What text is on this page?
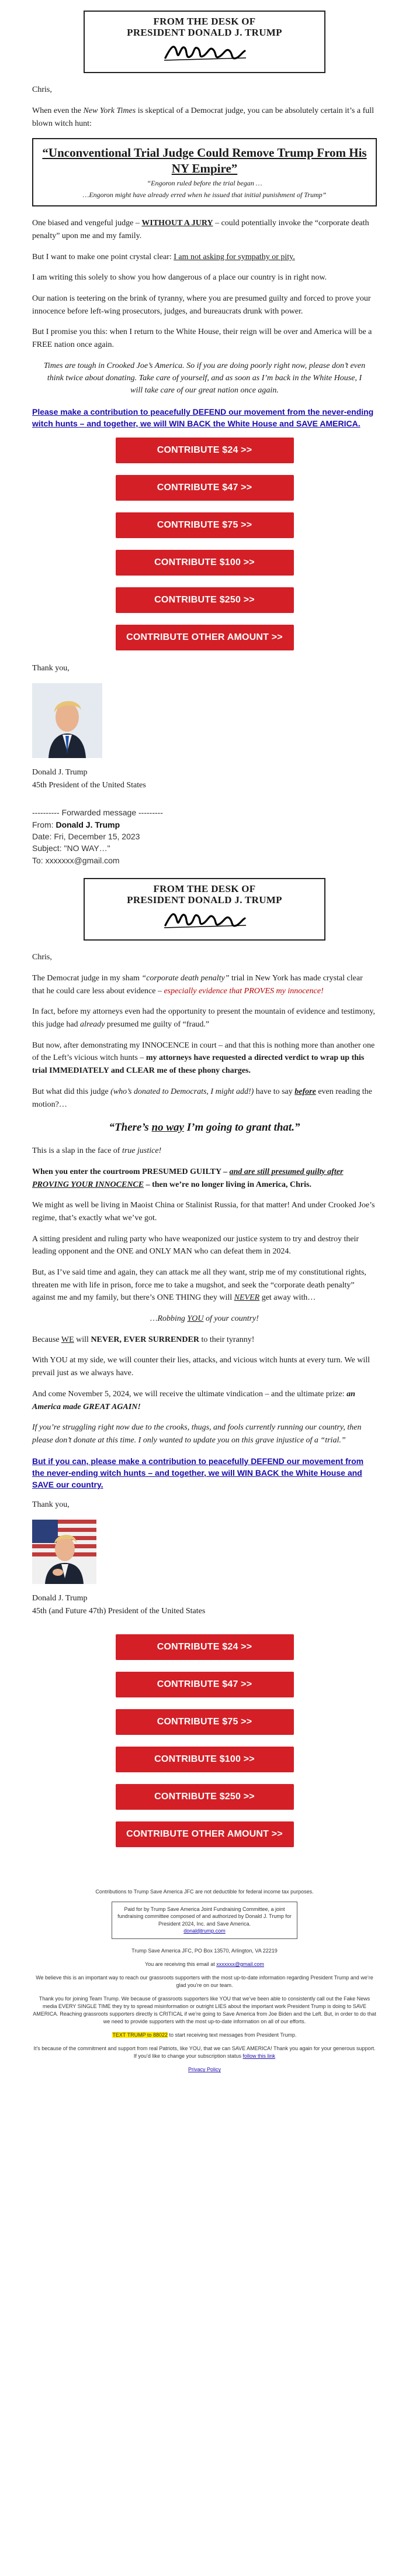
FROM THE DESK OF
PRESIDENT DONALD J. TRUMP

Chris,

When even the New York Times is skeptical of a Democrat judge, you can be absolutely certain it’s a full blown witch hunt:

“Unconventional Trial Judge Could Remove Trump From His NY Empire”
“Engoron ruled before the trial began …
…Engoron might have already erred when he issued that initial punishment of Trump”

One biased and vengeful judge – WITHOUT A JURY – could potentially invoke the “corporate death penalty” upon me and my family.

But I want to make one point crystal clear: I am not asking for sympathy or pity.

I am writing this solely to show you how dangerous of a place our country is in right now.

Our nation is teetering on the brink of tyranny, where you are presumed guilty and forced to prove your innocence before left-wing prosecutors, judges, and bureaucrats drunk with power.

But I promise you this: when I return to the White House, their reign will be over and America will be a FREE nation once again.

Times are tough in Crooked Joe’s America. So if you are doing poorly right now, please don’t even think twice about donating. Take care of yourself, and as soon as I’m back in the White House, I will take care of our great nation once again.
Please make a contribution to peacefully DEFEND our movement from the never-ending witch hunts – and together, we will WIN BACK the White House and SAVE AMERICA.
CONTRIBUTE $24 >>
CONTRIBUTE $47 >>
CONTRIBUTE $75 >>
CONTRIBUTE $100 >>
CONTRIBUTE $250 >>
CONTRIBUTE OTHER AMOUNT >>

Thank you,

Donald J. Trump

45th President of the United States

---------- Forwarded message ---------
From: Donald J. Trump
Date: Fri, December 15, 2023
Subject: "NO WAY…"
To: xxxxxxx@gmail.com
FROM THE DESK OF
PRESIDENT DONALD J. TRUMP

Chris,

The Democrat judge in my sham “corporate death penalty” trial in New York has made crystal clear that he could care less about evidence – especially evidence that PROVES my innocence!

In fact, before my attorneys even had the opportunity to present the mountain of evidence and testimony, this judge had already presumed me guilty of “fraud.”

But now, after demonstrating my INNOCENCE in court – and that this is nothing more than another one of the Left’s vicious witch hunts – my attorneys have requested a directed verdict to wrap up this trial IMMEDIATELY and CLEAR me of these phony charges.

But what did this judge (who’s donated to Democrats, I might add!) have to say before even reading the motion?…

“There’s no way I’m going to grant that.”

This is a slap in the face of true justice!

When you enter the courtroom PRESUMED GUILTY – and are still presumed guilty after PROVING YOUR INNOCENCE – then we’re no longer living in America, Chris.

We might as well be living in Maoist China or Stalinist Russia, for that matter! And under Crooked Joe’s regime, that’s exactly what we’ve got.

A sitting president and ruling party who have weaponized our justice system to try and destroy their leading opponent and the ONE and ONLY MAN who can defeat them in 2024.

But, as I’ve said time and again, they can attack me all they want, strip me of my constitutional rights, threaten me with life in prison, force me to take a mugshot, and seek the “corporate death penalty” against me and my family, but there’s ONE THING they will NEVER get away with…

…Robbing YOU of your country!

Because WE will NEVER, EVER SURRENDER to their tyranny!

With YOU at my side, we will counter their lies, attacks, and vicious witch hunts at every turn. We will prevail just as we always have.

And come November 5, 2024, we will receive the ultimate vindication – and the ultimate prize: an America made GREAT AGAIN!

If you’re struggling right now due to the crooks, thugs, and fools currently running our country, then please don’t donate at this time. I only wanted to update you on this grave injustice of a “trial.”

But if you can, please make a contribution to peacefully DEFEND our movement from the never-ending witch hunts – and together, we will WIN BACK the White House and SAVE our country.

Thank you,

Donald J. Trump

45th (and Future 47th) President of the United States

CONTRIBUTE $24 >>
CONTRIBUTE $47 >>
CONTRIBUTE $75 >>
CONTRIBUTE $100 >>
CONTRIBUTE $250 >>
CONTRIBUTE OTHER AMOUNT >>

Contributions to Trump Save America JFC are not deductible for federal income tax purposes.

Paid for by Trump Save America Joint Fundraising Committee, a joint fundraising committee composed of and authorized by Donald J. Trump for President 2024, Inc. and Save America.
donaldjtrump.com

Trump Save America JFC, PO Box 13570, Arlington, VA 22219

You are receiving this email at xxxxxxx@gmail.com

We believe this is an important way to reach our grassroots supporters with the most up-to-date information regarding President Trump and we’re glad you’re on our team.

Thank you for joining Team Trump. We because of grassroots supporters like YOU that we’ve been able to consistently call out the Fake News media EVERY SINGLE TIME they try to spread misinformation or outright LIES about the important work President Trump is doing to SAVE AMERICA. Reaching grassroots supporters directly is CRITICAL if we’re going to Save America from Joe Biden and the Left. But, in order to do that we need to provide supporters with the most up-to-date information on all of our efforts.

TEXT TRUMP to 88022 to start receiving text messages from President Trump.

It’s because of the commitment and support from real Patriots, like YOU, that we can SAVE AMERICA! Thank you again for your generous support. If you’d like to change your subscription status follow this link

Privacy Policy
